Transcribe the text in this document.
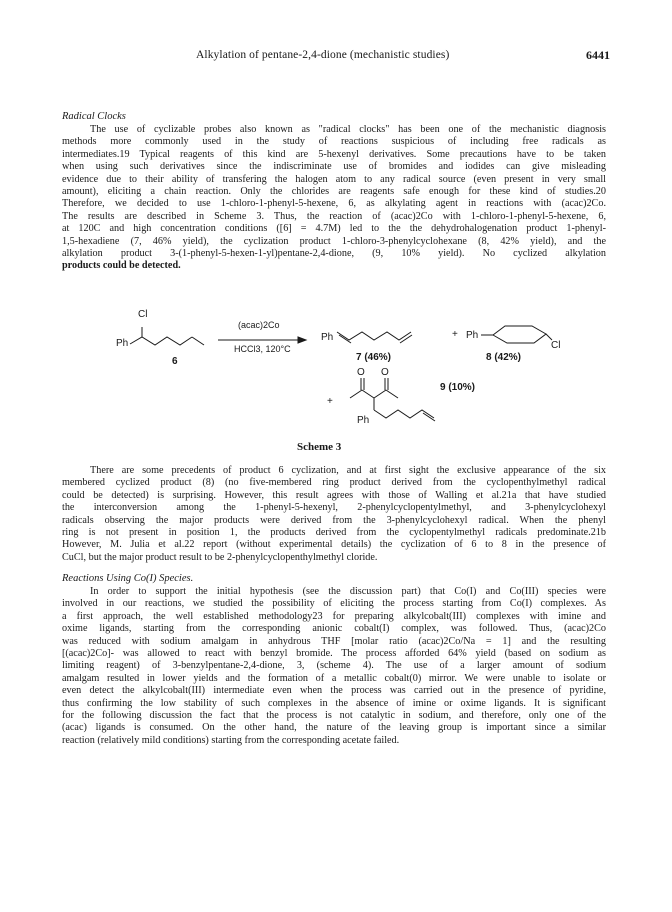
Alkylation of pentane-2,4-dione (mechanistic studies)	6441
Radical Clocks
The use of cyclizable probes also known as "radical clocks" has been one of the mechanistic diagnosis
methods more commonly used in the study of reactions suspicious of including free radicals as
intermediates.19 Typical reagents of this kind are 5-hexenyl derivatives. Some precautions have to be taken
when using such derivatives since the indiscriminate use of bromides and iodides can give misleading
evidence due to their ability of transfering the halogen atom to any radical source (even present in very small
amount), eliciting a chain reaction. Only the chlorides are reagents safe enough for these kind of studies.20
Therefore, we decided to use 1-chloro-1-phenyl-5-hexene, 6, as alkylating agent in reactions with (acac)2Co.
The results are described in Scheme 3. Thus, the reaction of (acac)2Co with 1-chloro-1-phenyl-5-hexene, 6,
at 120C and high concentration conditions ([6] = 4.7M) led to the the dehydrohalogenation product 1-phenyl-
1,5-hexadiene (7, 46% yield), the cyclization product 1-chloro-3-phenylcyclohexane (8, 42% yield), and the
alkylation product 3-(1-phenyl-5-hexen-1-yl)pentane-2,4-dione, (9, 10% yield). No cyclized alkylation
products could be detected.
Cl
Ph
6
(acac)2Co
HCCl3, 120°C
Ph
7 (46%)
+ Ph
Cl
8 (42%)
+
O O
Ph
9 (10%)
Scheme 3
There are some precedents of product 6 cyclization, and at first sight the exclusive appearance of the six
membered cyclized product (8) (no five-membered ring product derived from the cyclopenthylmethyl radical
could be detected) is surprising. However, this result agrees with those of Walling et al.21a that have studied
the interconversion among the 1-phenyl-5-hexenyl, 2-phenylcyclopentylmethyl, and 3-phenylcyclohexyl
radicals observing the major products were derived from the 3-phenylcyclohexyl radical. When the phenyl
ring is not present in position 1, the products derived from the cyclopentylmethyl radicals predominate.21b
However, M. Julia et al.22 report (without experimental details) the cyclization of 6 to 8 in the presence of
CuCl, but the major product result to be 2-phenylcyclopenthylmethyl cloride.
Reactions Using Co(I) Species.
In order to support the initial hypothesis (see the discussion part) that Co(I) and Co(III) species were
involved in our reactions, we studied the possibility of eliciting the process starting from Co(I) complexes. As
a first approach, the well established methodology23 for preparing alkylcobalt(III) complexes with imine and
oxime ligands, starting from the corresponding anionic cobalt(I) complex, was followed. Thus, (acac)2Co
was reduced with sodium amalgam in anhydrous THF [molar ratio (acac)2Co/Na = 1] and the resulting
[(acac)2Co]- was allowed to react with benzyl bromide. The process afforded 64% yield (based on sodium as
limiting reagent) of 3-benzylpentane-2,4-dione, 3, (scheme 4). The use of a larger amount of sodium
amalgam resulted in lower yields and the formation of a metallic cobalt(0) mirror. We were unable to isolate or
even detect the alkylcobalt(III) intermediate even when the process was carried out in the presence of pyridine,
thus confirming the low stability of such complexes in the absence of imine or oxime ligands. It is significant
for the following discussion the fact that the process is not catalytic in sodium, and therefore, only one of the
(acac) ligands is consumed. On the other hand, the nature of the leaving group is important since a similar
reaction (relatively mild conditions) starting from the corresponding acetate failed.
